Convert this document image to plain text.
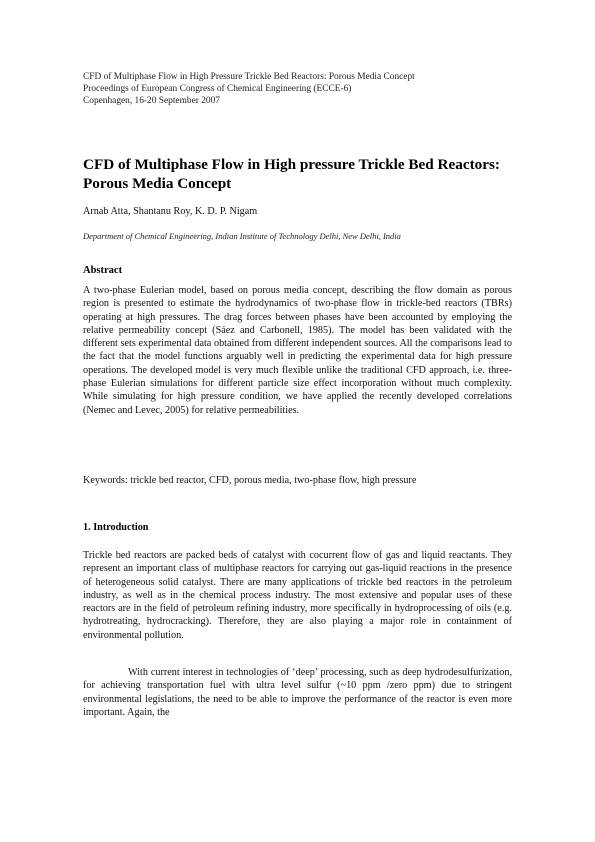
CFD of Multiphase Flow in High Pressure Trickle Bed Reactors: Porous Media Concept
Proceedings of European Congress of Chemical Engineering (ECCE-6)
Copenhagen, 16-20 September 2007
CFD of Multiphase Flow in High pressure Trickle Bed Reactors: Porous Media Concept
Arnab Atta, Shantanu Roy, K. D. P. Nigam
Department of Chemical Engineering, Indian Institute of Technology Delhi, New Delhi, India
Abstract
A two-phase Eulerian model, based on porous media concept, describing the flow domain as porous region is presented to estimate the hydrodynamics of two-phase flow in trickle-bed reactors (TBRs) operating at high pressures. The drag forces between phases have been accounted by employing the relative permeability concept (Sáez and Carbonell, 1985). The model has been validated with the different sets experimental data obtained from different independent sources. All the comparisons lead to the fact that the model functions arguably well in predicting the experimental data for high pressure operations. The developed model is very much flexible unlike the traditional CFD approach, i.e. three-phase Eulerian simulations for different particle size effect incorporation without much complexity. While simulating for high pressure condition, we have applied the recently developed correlations (Nemec and Levec, 2005) for relative permeabilities.
Keywords: trickle bed reactor, CFD, porous media, two-phase flow, high pressure
1. Introduction
Trickle bed reactors are packed beds of catalyst with cocurrent flow of gas and liquid reactants. They represent an important class of multiphase reactors for carrying out gas-liquid reactions in the presence of heterogeneous solid catalyst. There are many applications of trickle bed reactors in the petroleum industry, as well as in the chemical process industry. The most extensive and popular uses of these reactors are in the field of petroleum refining industry, more specifically in hydroprocessing of oils (e.g. hydrotreating, hydrocracking). Therefore, they are also playing a major role in containment of environmental pollution.
With current interest in technologies of ‘deep’ processing, such as deep hydrodesulfurization, for achieving transportation fuel with ultra level sulfur (~10 ppm /zero ppm) due to stringent environmental legislations, the need to be able to improve the performance of the reactor is even more important. Again, the
